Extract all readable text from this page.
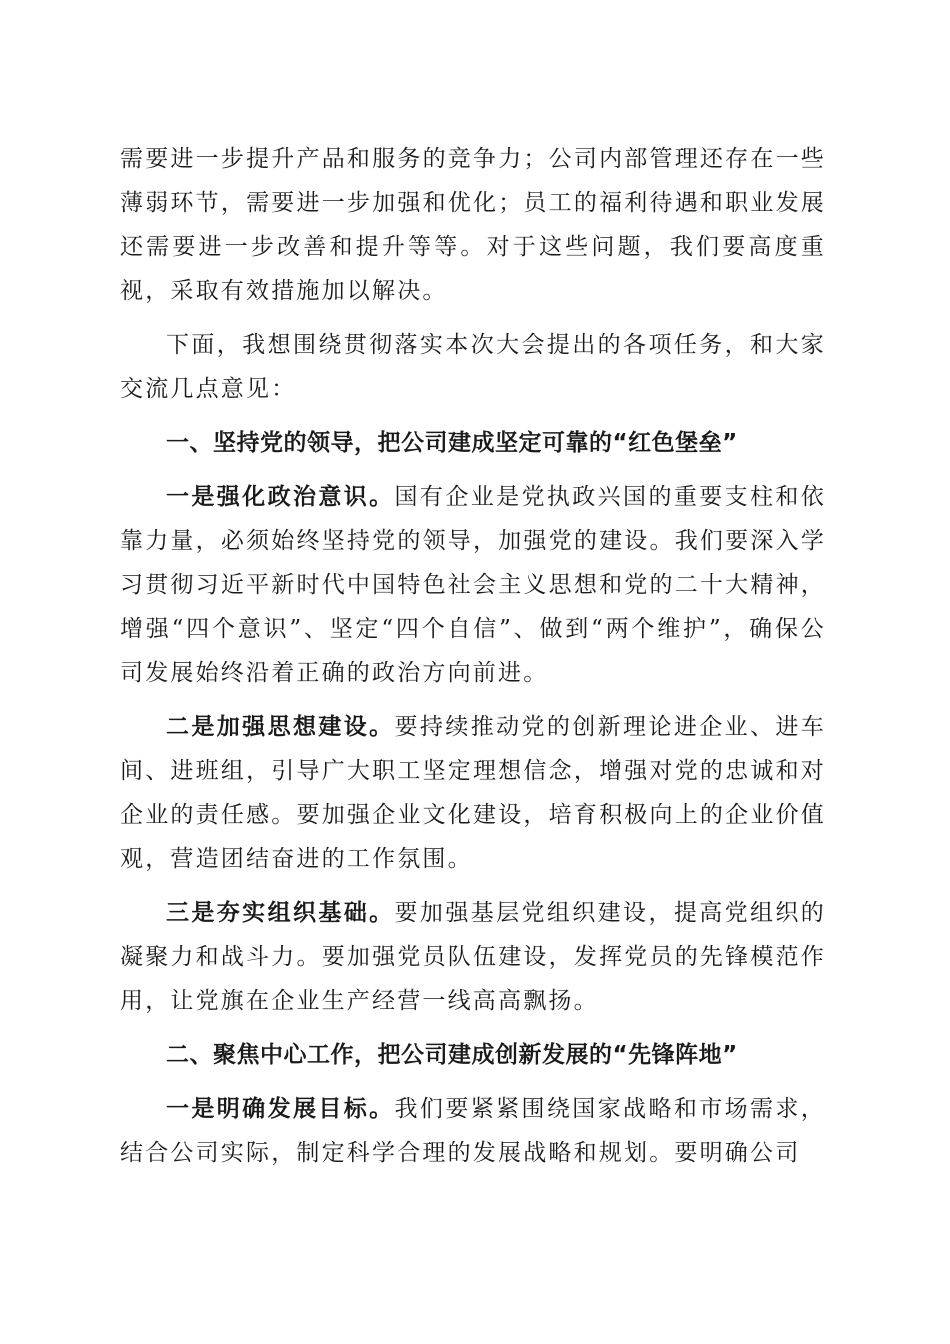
需要进一步提升产品和服务的竞争力；公司内部管理还存在一些薄弱环节，需要进一步加强和优化；员工的福利待遇和职业发展还需要进一步改善和提升等等。对于这些问题，我们要高度重视，采取有效措施加以解决。

下面，我想围绕贯彻落实本次大会提出的各项任务，和大家交流几点意见：

一、坚持党的领导，把公司建成坚定可靠的“红色堡垒”

一是强化政治意识。国有企业是党执政兴国的重要支柱和依靠力量，必须始终坚持党的领导，加强党的建设。我们要深入学习贯彻习近平新时代中国特色社会主义思想和党的二十大精神，增强“四个意识”、坚定“四个自信”、做到“两个维护”，确保公司发展始终沿着正确的政治方向前进。

二是加强思想建设。要持续推动党的创新理论进企业、进车间、进班组，引导广大职工坚定理想信念，增强对党的忠诚和对企业的责任感。要加强企业文化建设，培育积极向上的企业价值观，营造团结奋进的工作氛围。

三是夯实组织基础。要加强基层党组织建设，提高党组织的凝聚力和战斗力。要加强党员队伍建设，发挥党员的先锋模范作用，让党旗在企业生产经营一线高高飘扬。

二、聚焦中心工作，把公司建成创新发展的“先锋阵地”

一是明确发展目标。我们要紧紧围绕国家战略和市场需求，结合公司实际，制定科学合理的发展战略和规划。要明确公司
